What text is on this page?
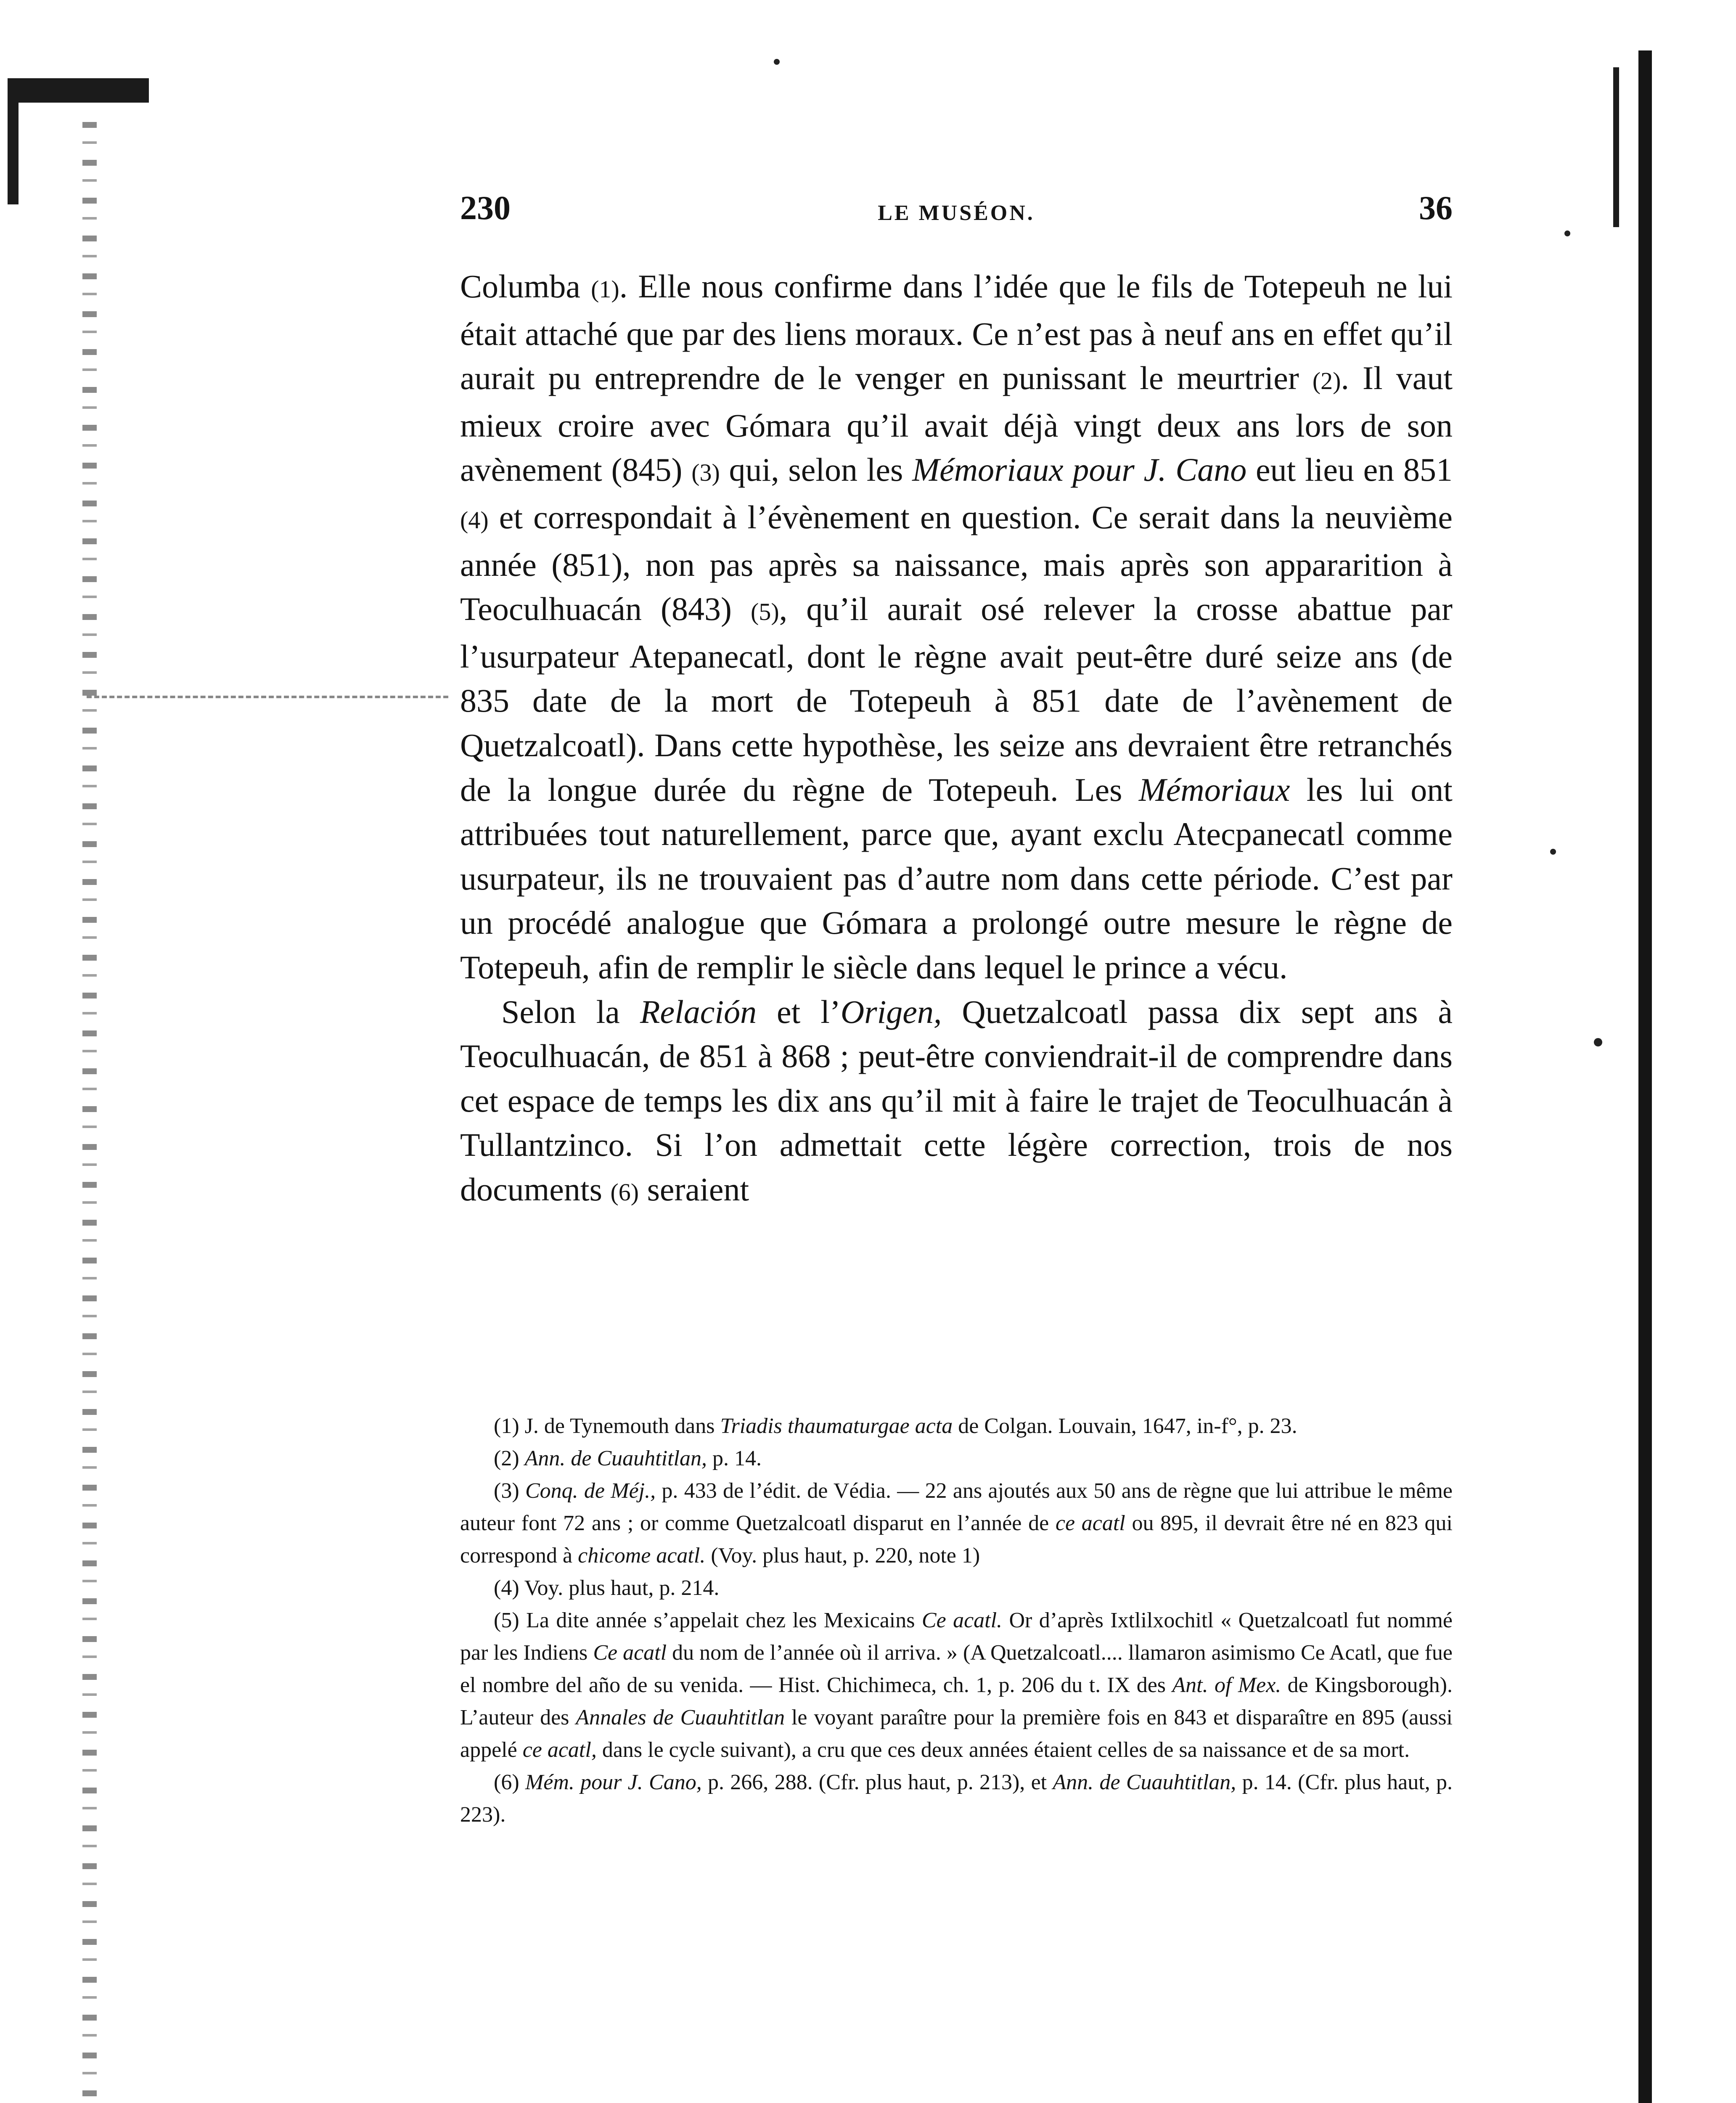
230	LE MUSÉON.	36

Columba (1). Elle nous confirme dans l’idée que le fils de Totepeuh ne lui était attaché que par des liens moraux. Ce n’est pas à neuf ans en effet qu’il aurait pu entreprendre de le venger en punissant le meurtrier (2). Il vaut mieux croire avec Gómara qu’il avait déjà vingt deux ans lors de son avènement (845) (3) qui, selon les Mémoriaux pour J. Cano eut lieu en 851 (4) et correspondait à l’évènement en question. Ce serait dans la neuvième année (851), non pas après sa naissance, mais après son appararition à Teoculhuacán (843) (5), qu’il aurait osé relever la crosse abattue par l’usurpateur Atepanecatl, dont le règne avait peut-être duré seize ans (de 835 date de la mort de Totepeuh à 851 date de l’avènement de Quetzalcoatl). Dans cette hypothèse, les seize ans devraient être retranchés de la longue durée du règne de Totepeuh. Les Mémoriaux les lui ont attribuées tout naturellement, parce que, ayant exclu Atecpanecatl comme usurpateur, ils ne trouvaient pas d’autre nom dans cette période. C’est par un procédé analogue que Gómara a prolongé outre mesure le règne de Totepeuh, afin de remplir le siècle dans lequel le prince a vécu.

Selon la Relación et l’Origen, Quetzalcoatl passa dix sept ans à Teoculhuacán, de 851 à 868 ; peut-être conviendrait-il de comprendre dans cet espace de temps les dix ans qu’il mit à faire le trajet de Teoculhuacán à Tullantzinco. Si l’on admettait cette légère correction, trois de nos documents (6) seraient

(1) J. de Tynemouth dans Triadis thaumaturgae acta de Colgan. Louvain, 1647, in-f°, p. 23.

(2) Ann. de Cuauhtitlan, p. 14.

(3) Conq. de Méj., p. 433 de l’édit. de Védia. — 22 ans ajoutés aux 50 ans de règne que lui attribue le même auteur font 72 ans ; or comme Quetzalcoatl disparut en l’année de ce acatl ou 895, il devrait être né en 823 qui correspond à chicome acatl. (Voy. plus haut, p. 220, note 1)

(4) Voy. plus haut, p. 214.

(5) La dite année s’appelait chez les Mexicains Ce acatl. Or d’après Ixtlilxochitl « Quetzalcoatl fut nommé par les Indiens Ce acatl du nom de l’année où il arriva. » (A Quetzalcoatl.... llamaron asimismo Ce Acatl, que fue el nombre del año de su venida. — Hist. Chichimeca, ch. 1, p. 206 du t. IX des Ant. of Mex. de Kingsborough). L’auteur des Annales de Cuauhtitlan le voyant paraître pour la première fois en 843 et disparaître en 895 (aussi appelé ce acatl, dans le cycle suivant), a cru que ces deux années étaient celles de sa naissance et de sa mort.

(6) Mém. pour J. Cano, p. 266, 288. (Cfr. plus haut, p. 213), et Ann. de Cuauhtitlan, p. 14. (Cfr. plus haut, p. 223).
